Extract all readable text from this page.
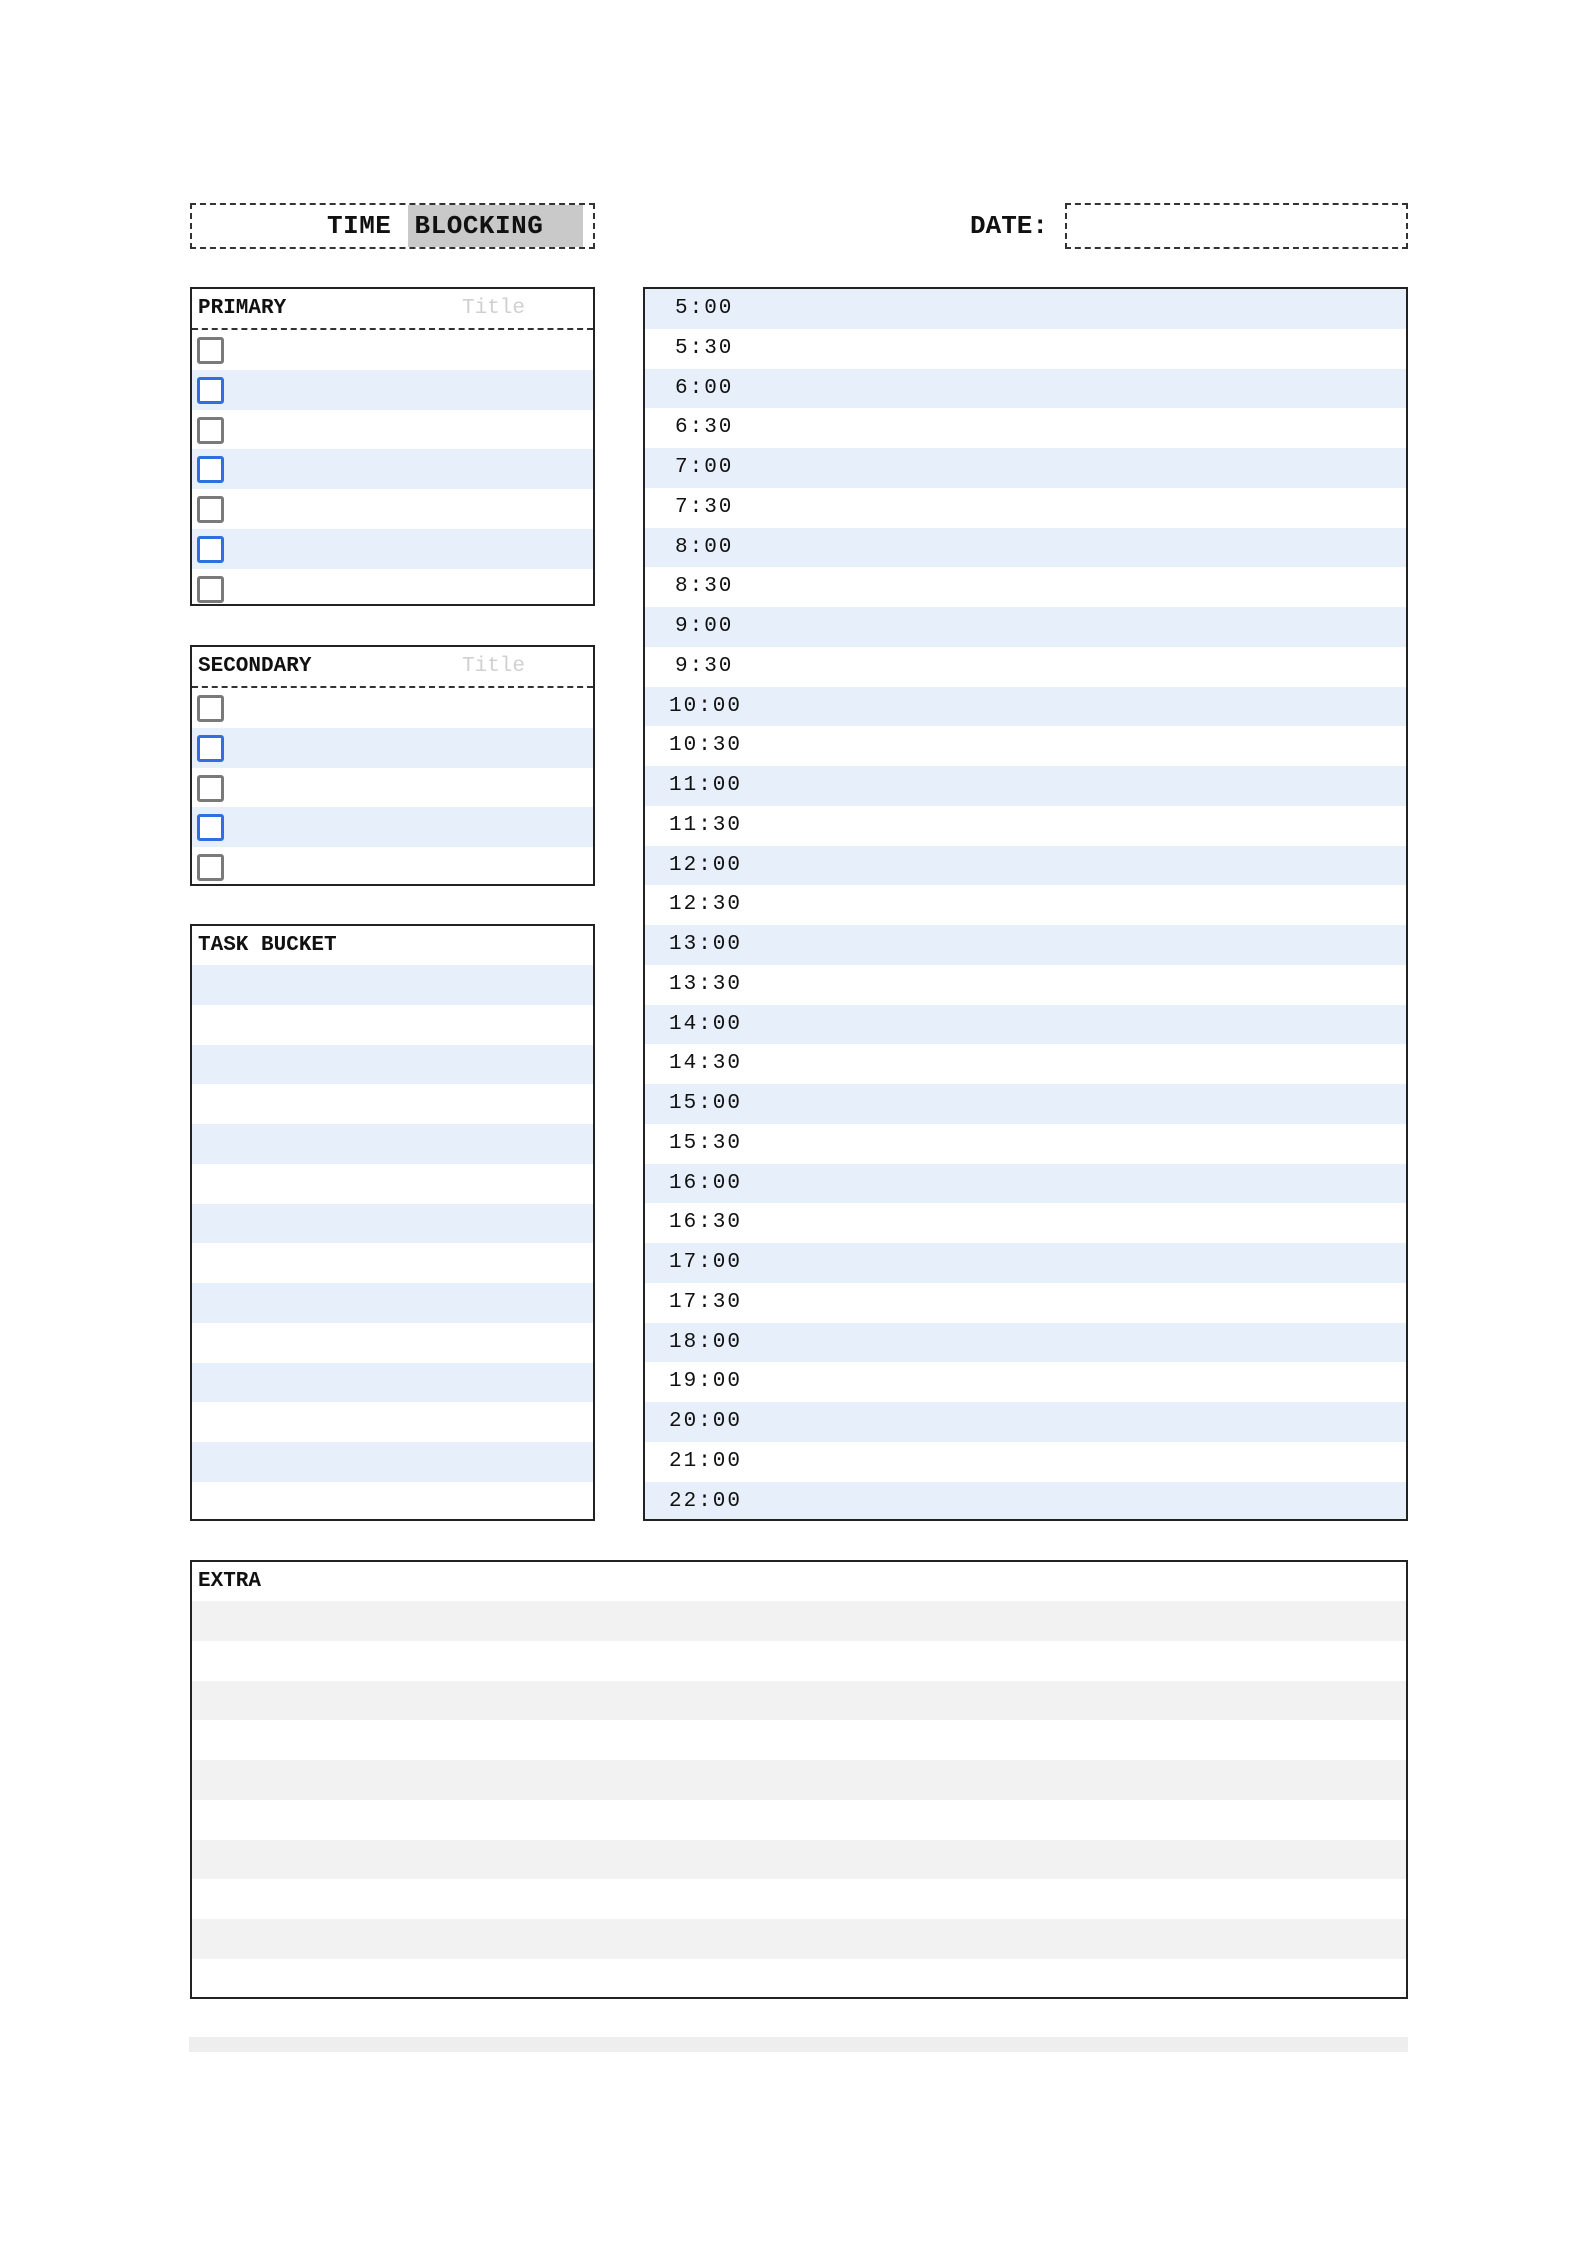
TIME BLOCKING	DATE:
PRIMARY	Title
SECONDARY	Title
TASK BUCKET
5:00
5:30
6:00
6:30
7:00
7:30
8:00
8:30
9:00
9:30
10:00
10:30
11:00
11:30
12:00
12:30
13:00
13:30
14:00
14:30
15:00
15:30
16:00
16:30
17:00
17:30
18:00
19:00
20:00
21:00
22:00
EXTRA
